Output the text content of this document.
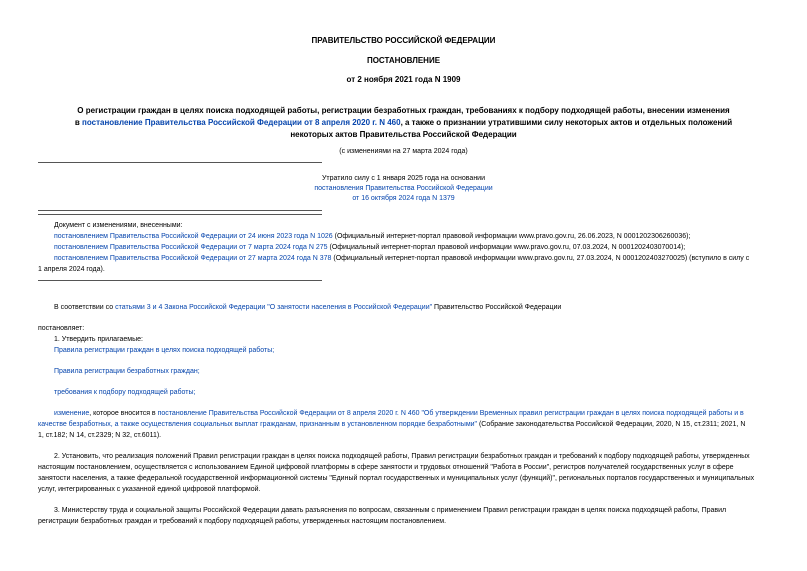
ПРАВИТЕЛЬСТВО РОССИЙСКОЙ ФЕДЕРАЦИИ
ПОСТАНОВЛЕНИЕ
от 2 ноября 2021 года N 1909
О регистрации граждан в целях поиска подходящей работы, регистрации безработных граждан, требованиях к подбору подходящей работы, внесении изменения
в постановление Правительства Российской Федерации от 8 апреля 2020 г. N 460, а также о признании утратившими силу некоторых актов и отдельных положений
некоторых актов Правительства Российской Федерации
(с изменениями на 27 марта 2024 года)
Утратило силу с 1 января 2025 года на основании
постановления Правительства Российской Федерации
от 16 октября 2024 года N 1379
Документ с изменениями, внесенными:
постановлением Правительства Российской Федерации от 24 июня 2023 года N 1026 (Официальный интернет-портал правовой информации www.pravo.gov.ru, 26.06.2023, N 0001202306260036);
постановлением Правительства Российской Федерации от 7 марта 2024 года N 275 (Официальный интернет-портал правовой информации www.pravo.gov.ru, 07.03.2024, N 0001202403070014);
постановлением Правительства Российской Федерации от 27 марта 2024 года N 378 (Официальный интернет-портал правовой информации www.pravo.gov.ru, 27.03.2024, N 0001202403270025) (вступило в силу с
1 апреля 2024 года).
В соответствии со статьями 3 и 4 Закона Российской Федерации "О занятости населения в Российской Федерации" Правительство Российской Федерации
постановляет:
1. Утвердить прилагаемые:
Правила регистрации граждан в целях поиска подходящей работы;
Правила регистрации безработных граждан;
требования к подбору подходящей работы;
изменение, которое вносится в постановление Правительства Российской Федерации от 8 апреля 2020 г. N 460 "Об утверждении Временных правил регистрации граждан в целях поиска подходящей работы и в
качестве безработных, а также осуществления социальных выплат гражданам, признанным в установленном порядке безработными" (Собрание законодательства Российской Федерации, 2020, N 15, ст.2311; 2021, N
1, ст.182; N 14, ст.2329; N 32, ст.6011).
2. Установить, что реализация положений Правил регистрации граждан в целях поиска подходящей работы, Правил регистрации безработных граждан и требований к подбору подходящей работы, утвержденных
настоящим постановлением, осуществляется с использованием Единой цифровой платформы в сфере занятости и трудовых отношений "Работа в России", регистров получателей государственных услуг в сфере
занятости населения, а также федеральной государственной информационной системы "Единый портал государственных и муниципальных услуг (функций)", региональных порталов государственных и муниципальных
услуг, интегрированных с указанной единой цифровой платформой.
3. Министерству труда и социальной защиты Российской Федерации давать разъяснения по вопросам, связанным с применением Правил регистрации граждан в целях поиска подходящей работы, Правил
регистрации безработных граждан и требований к подбору подходящей работы, утвержденных настоящим постановлением.
